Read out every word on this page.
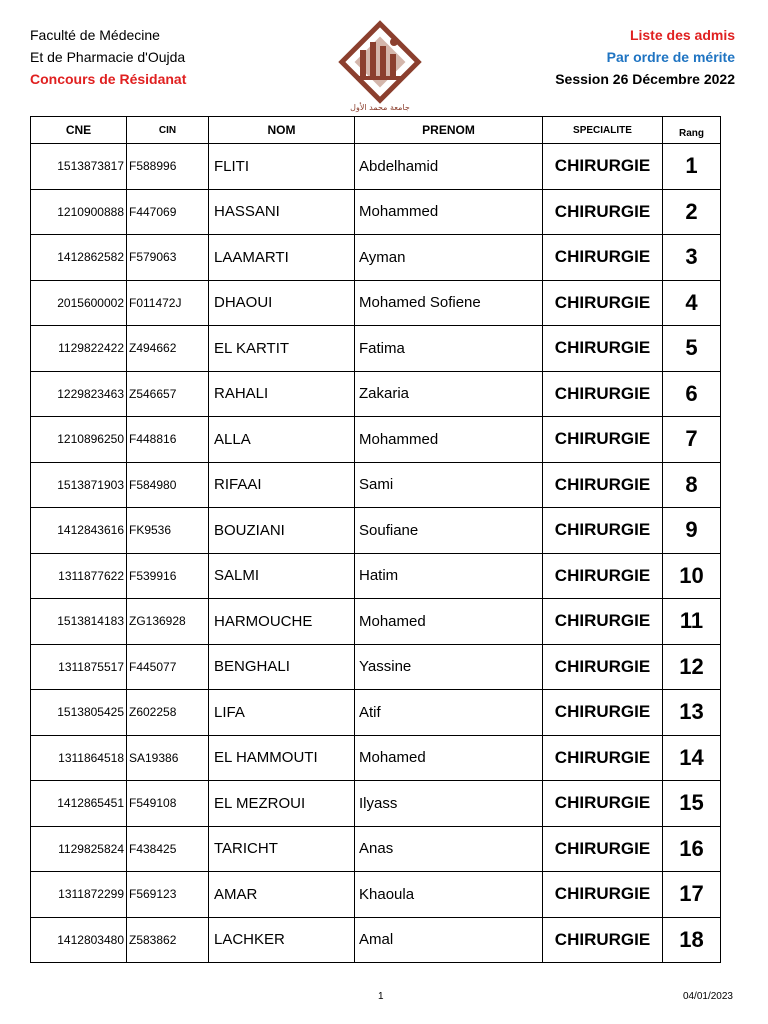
Faculté de Médecine
Et de Pharmacie d'Oujda
Concours de Résidanat
ﺟﺎﻣﻌﺔ ﻣﺤﻤﺪ ﺍﻷﻭﻝ
Liste des admis
Par ordre de mérite
Session 26 Décembre 2022
CNE	CIN	NOM	PRENOM	SPECIALITE	Rang
1513873817	F588996	FLITI	Abdelhamid	CHIRURGIE	1
1210900888	F447069	HASSANI	Mohammed	CHIRURGIE	2
1412862582	F579063	LAAMARTI	Ayman	CHIRURGIE	3
2015600002	F011472J	DHAOUI	Mohamed Sofiene	CHIRURGIE	4
1129822422	Z494662	EL KARTIT	Fatima	CHIRURGIE	5
1229823463	Z546657	RAHALI	Zakaria	CHIRURGIE	6
1210896250	F448816	ALLA	Mohammed	CHIRURGIE	7
1513871903	F584980	RIFAAI	Sami	CHIRURGIE	8
1412843616	FK9536	BOUZIANI	Soufiane	CHIRURGIE	9
1311877622	F539916	SALMI	Hatim	CHIRURGIE	10
1513814183	ZG136928	HARMOUCHE	Mohamed	CHIRURGIE	11
1311875517	F445077	BENGHALI	Yassine	CHIRURGIE	12
1513805425	Z602258	LIFA	Atif	CHIRURGIE	13
1311864518	SA19386	EL HAMMOUTI	Mohamed	CHIRURGIE	14
1412865451	F549108	EL MEZROUI	Ilyass	CHIRURGIE	15
1129825824	F438425	TARICHT	Anas	CHIRURGIE	16
1311872299	F569123	AMAR	Khaoula	CHIRURGIE	17
1412803480	Z583862	LACHKER	Amal	CHIRURGIE	18
1	04/01/2023
